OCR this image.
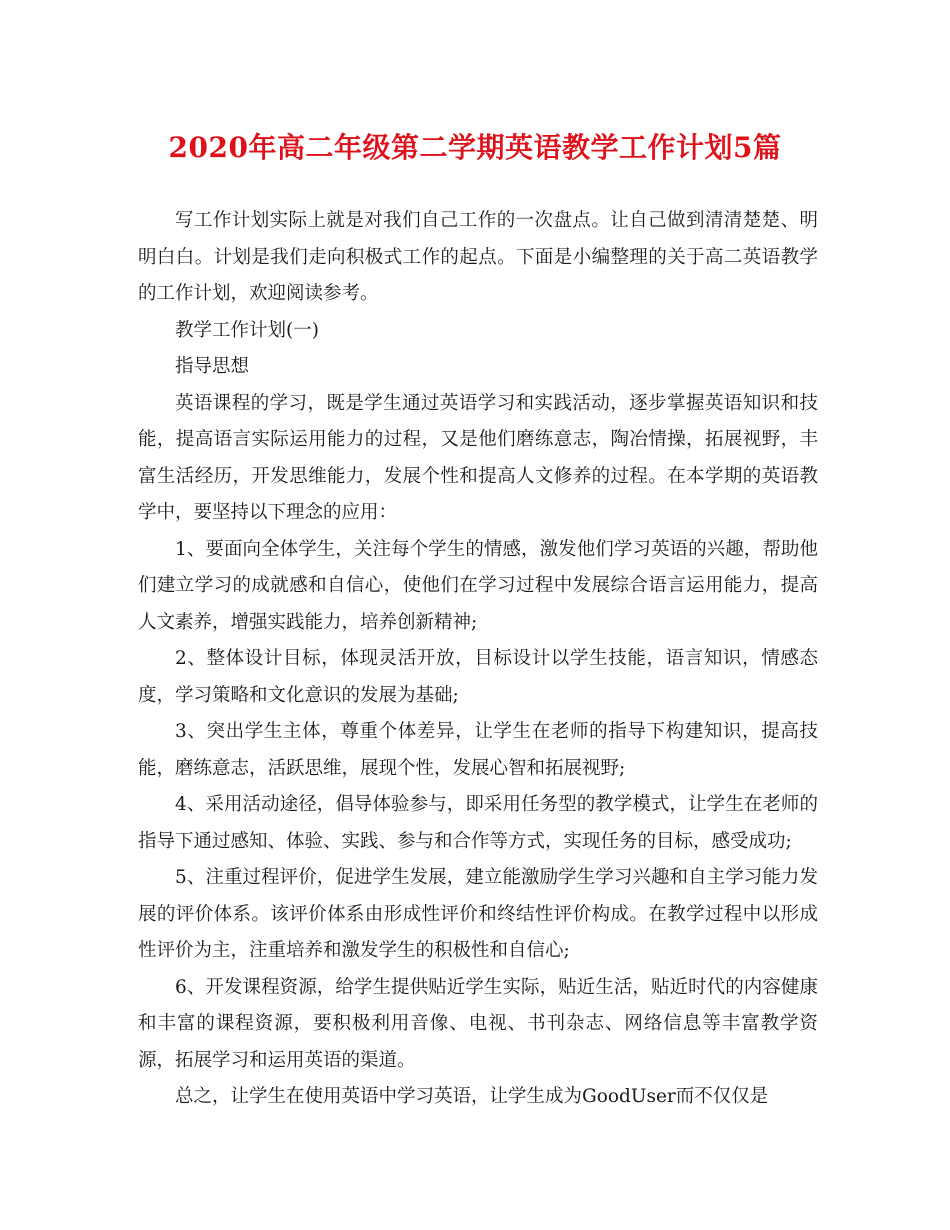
2020年高二年级第二学期英语教学工作计划5篇

写工作计划实际上就是对我们自己工作的一次盘点。让自己做到清清楚楚、明明白白。计划是我们走向积极式工作的起点。下面是小编整理的关于高二英语教学的工作计划，欢迎阅读参考。

教学工作计划(一)

指导思想

英语课程的学习，既是学生通过英语学习和实践活动，逐步掌握英语知识和技能，提高语言实际运用能力的过程，又是他们磨练意志，陶冶情操，拓展视野，丰富生活经历，开发思维能力，发展个性和提高人文修养的过程。在本学期的英语教学中，要坚持以下理念的应用：

1、要面向全体学生，关注每个学生的情感，激发他们学习英语的兴趣，帮助他们建立学习的成就感和自信心，使他们在学习过程中发展综合语言运用能力，提高人文素养，增强实践能力，培养创新精神;

2、整体设计目标，体现灵活开放，目标设计以学生技能，语言知识，情感态度，学习策略和文化意识的发展为基础;

3、突出学生主体，尊重个体差异，让学生在老师的指导下构建知识，提高技能，磨练意志，活跃思维，展现个性，发展心智和拓展视野;

4、采用活动途径，倡导体验参与，即采用任务型的教学模式，让学生在老师的指导下通过感知、体验、实践、参与和合作等方式，实现任务的目标，感受成功;

5、注重过程评价，促进学生发展，建立能激励学生学习兴趣和自主学习能力发展的评价体系。该评价体系由形成性评价和终结性评价构成。在教学过程中以形成性评价为主，注重培养和激发学生的积极性和自信心;

6、开发课程资源，给学生提供贴近学生实际，贴近生活，贴近时代的内容健康和丰富的课程资源，要积极利用音像、电视、书刊杂志、网络信息等丰富教学资源，拓展学习和运用英语的渠道。

总之，让学生在使用英语中学习英语，让学生成为GoodUser而不仅仅是
